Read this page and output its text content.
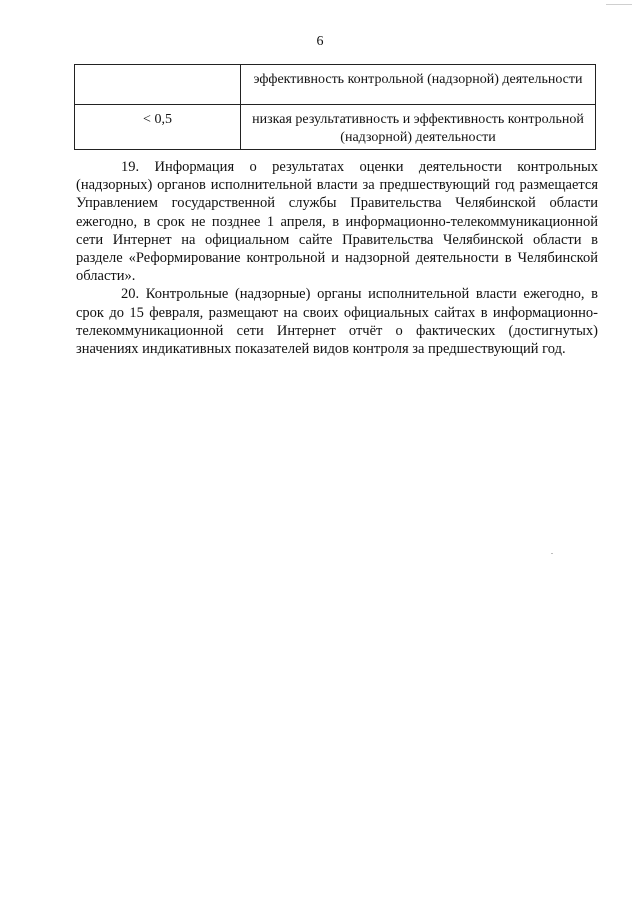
6
	эффективность контрольной (надзорной) деятельности
< 0,5	низкая результативность и эффективность контрольной (надзорной) деятельности

19. Информация о результатах оценки деятельности контрольных (надзорных) органов исполнительной власти за предшествующий год размещается Управлением государственной службы Правительства Челябинской области ежегодно, в срок не позднее 1 апреля, в информационно-телекоммуникационной сети Интернет на официальном сайте Правительства Челябинской области в разделе «Реформирование контрольной и надзорной деятельности в Челябинской области».

20. Контрольные (надзорные) органы исполнительной власти ежегодно, в срок до 15 февраля, размещают на своих официальных сайтах в информационно-телекоммуникационной сети Интернет отчёт о фактических (достигнутых) значениях индикативных показателей видов контроля за предшествующий год.
